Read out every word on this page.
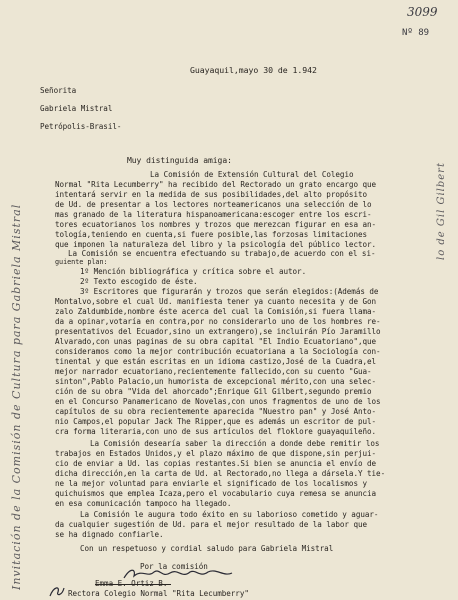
3099
Nº 89
Invitación de la Comisión de Cultura para Gabriela Mistral	lo de Gil Gilbert
Guayaquil,mayo 30 de 1.942
Señorita
Gabriela Mistral
Petrópolis-Brasil-
Muy distinguida amiga:
La Comisión de Extensión Cultural del Colegio
Normal "Rita Lecumberry" ha recibido del Rectorado un grato encargo que
intentará servir en la medida de sus posibilidades,del alto propósito
de Ud. de presentar a los lectores norteamericanos una selección de lo
mas granado de la literatura hispanoamericana:escoger entre los escri-
tores ecuatorianos los nombres y trozos que merezcan figurar en esa an-
tología,teniendo en cuenta,si fuere posible,las forzosas limitaciones
que imponen la naturaleza del libro y la psicología del público lector.
La Comisión se encuentra efectuando su trabajo,de acuerdo con el si-
guiente plan:
1º Mención bibliográfica y crítica sobre el autor.
2º Texto escogido de éste.
3º Escritores que figurarán y trozos que serán elegidos:(Además de
Montalvo,sobre el cual Ud. manifiesta tener ya cuanto necesita y de Gon
zalo Zaldumbide,nombre éste acerca del cual la Comisión,si fuera llama-
da a opinar,votaría en contra,por no considerarlo uno de los hombres re-
presentativos del Ecuador,sino un extrangero),se incluirán Pío Jaramillo
Alvarado,con unas paginas de su obra capital "El Indio Ecuatoriano",que
consideramos como la mejor contribución ecuatoriana a la Sociología con-
tinental y que están escritas en un idioma castizo,José de la Cuadra,el
mejor narrador ecuatoriano,recientemente fallecido,con su cuento "Gua-
sinton",Pablo Palacio,un humorista de excepcional mérito,con una selec-
ción de su obra "Vida del ahorcado";Enrique Gil Gilbert,segundo premio
en el Concurso Panamericano de Novelas,con unos fragmentos de uno de los
capítulos de su obra recientemente aparecida "Nuestro pan" y José Anto-
nio Campos,el popular Jack The Ripper,que es además un escritor de pul-
cra forma literaria,con uno de sus artículos del floklore guayaquileño.
La Comisión desearía saber la dirección a donde debe remitir los
trabajos en Estados Unidos,y el plazo máximo de que dispone,sin perjui-
cio de enviar a Ud. las copias restantes.Si bien se anuncia el envío de
dicha dirección,en la carta de Ud. al Rectorado,no llega a dársela.Y tie-
ne la mejor voluntad para enviarle el significado de los localismos y
quichuismos que emplea Icaza,pero el vocabulario cuya remesa se anuncia
en esa comunicación tampoco ha llegado.
La Comisión le augura todo éxito en su laborioso cometido y aguar-
da cualquier sugestión de Ud. para el mejor resultado de la labor que
se ha dignado confiarle.
Con un respetuoso y cordial saludo para Gabriela Mistral
Por la comisión
Rectora Colegio Normal "Rita Lecumberry"
